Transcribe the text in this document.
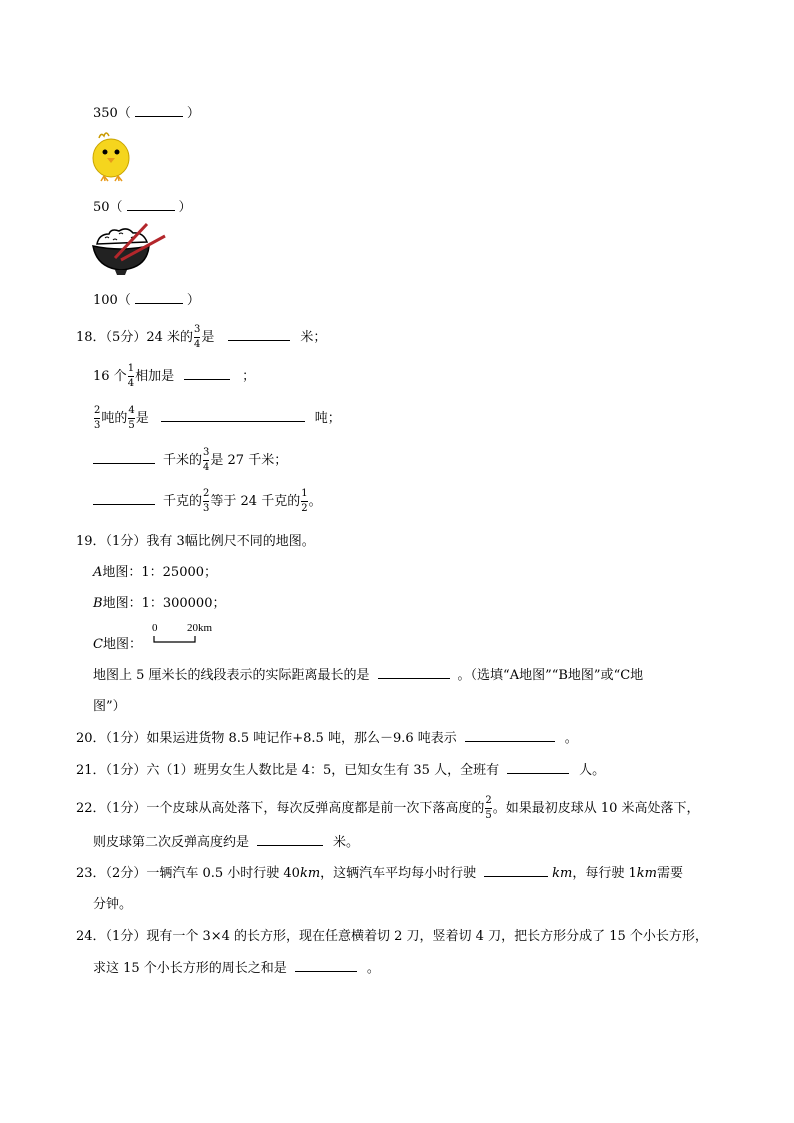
350（	）
50（	）
100（	）
18．（5分）24 米的 $\frac{3}{4}$ 是	米；
16 个 $\frac{1}{4}$ 相加是	；
$\frac{2}{3}$ 吨的 $\frac{4}{5}$ 是	吨；
千米的 $\frac{3}{4}$ 是 27 千米；
千克的 $\frac{2}{3}$ 等于 24 千克的 $\frac{1}{2}$ 。
19．（1分）我有 3幅比例尺不同的地图。
A地图：1：25000；
B地图：1：300000；
C地图：
0	20km
地图上 5 厘米长的线段表示的实际距离最长的是	。（选填“A地图”“B地图”或“C地
图”）
20．（1分）如果运进货物 8.5 吨记作+8.5 吨，那么－9.6 吨表示	。
21．（1分）六（1）班男女生人数比是 4：5，已知女生有 35 人，全班有	人。
22．（1分）一个皮球从高处落下，每次反弹高度都是前一次下落高度的 $\frac{2}{5}$ 。如果最初皮球从 10 米高处落下，
则皮球第二次反弹高度约是	米。
23．（2分）一辆汽车 0.5 小时行驶 40km，这辆汽车平均每小时行驶	km，每行驶 1km需要
分钟。
24．（1分）现有一个 3×4 的长方形，现在任意横着切 2 刀，竖着切 4 刀，把长方形分成了 15 个小长方形，
求这 15 个小长方形的周长之和是	。
